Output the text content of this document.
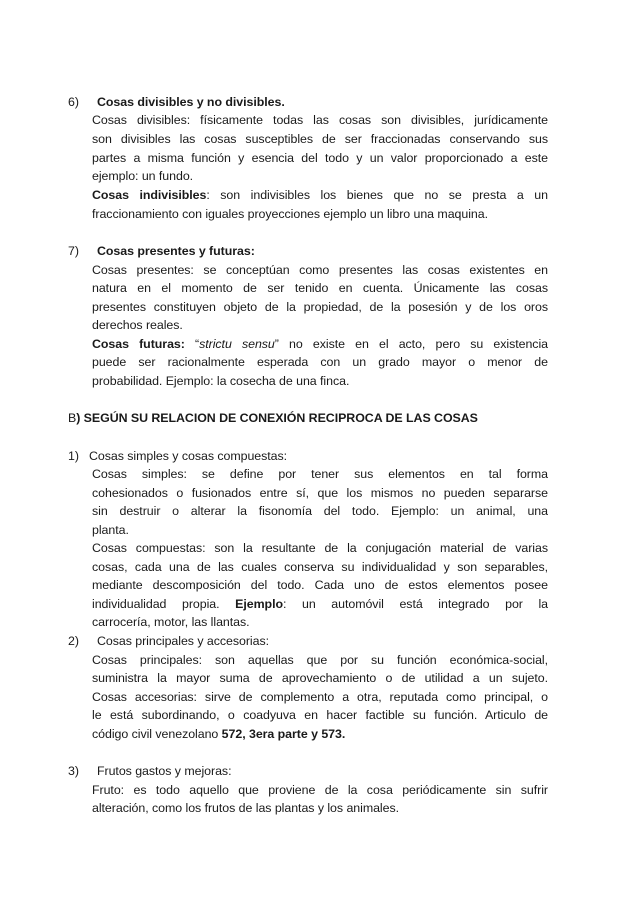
6) Cosas divisibles y no divisibles.
Cosas divisibles: físicamente todas las cosas son divisibles, jurídicamente
son divisibles las cosas susceptibles de ser fraccionadas conservando sus
partes a misma función y esencia del todo y un valor proporcionado a este
ejemplo: un fundo.
Cosas indivisibles: son indivisibles los bienes que no se presta a un
fraccionamiento con iguales proyecciones ejemplo un libro una maquina.
7) Cosas presentes y futuras:
Cosas presentes: se conceptúan como presentes las cosas existentes en
natura en el momento de ser tenido en cuenta. Únicamente las cosas
presentes constituyen objeto de la propiedad, de la posesión y de los oros
derechos reales.
Cosas futuras: “strictu sensu” no existe en el acto, pero su existencia
puede ser racionalmente esperada con un grado mayor o menor de
probabilidad. Ejemplo: la cosecha de una finca.
B) SEGÚN SU RELACION DE CONEXIÓN RECIPROCA DE LAS COSAS
1) Cosas simples y cosas compuestas:
Cosas simples: se define por tener sus elementos en tal forma
cohesionados o fusionados entre sí, que los mismos no pueden separarse
sin destruir o alterar la fisonomía del todo. Ejemplo: un animal, una
planta.
Cosas compuestas: son la resultante de la conjugación material de varias
cosas, cada una de las cuales conserva su individualidad y son separables,
mediante descomposición del todo. Cada uno de estos elementos posee
individualidad propia. Ejemplo: un automóvil está integrado por la
carrocería, motor, las llantas.
2) Cosas principales y accesorias:
Cosas principales: son aquellas que por su función económica-social,
suministra la mayor suma de aprovechamiento o de utilidad a un sujeto.
Cosas accesorias: sirve de complemento a otra, reputada como principal, o
le está subordinando, o coadyuva en hacer factible su función. Articulo de
código civil venezolano 572, 3era parte y 573.
3) Frutos gastos y mejoras:
Fruto: es todo aquello que proviene de la cosa periódicamente sin sufrir
alteración, como los frutos de las plantas y los animales.
